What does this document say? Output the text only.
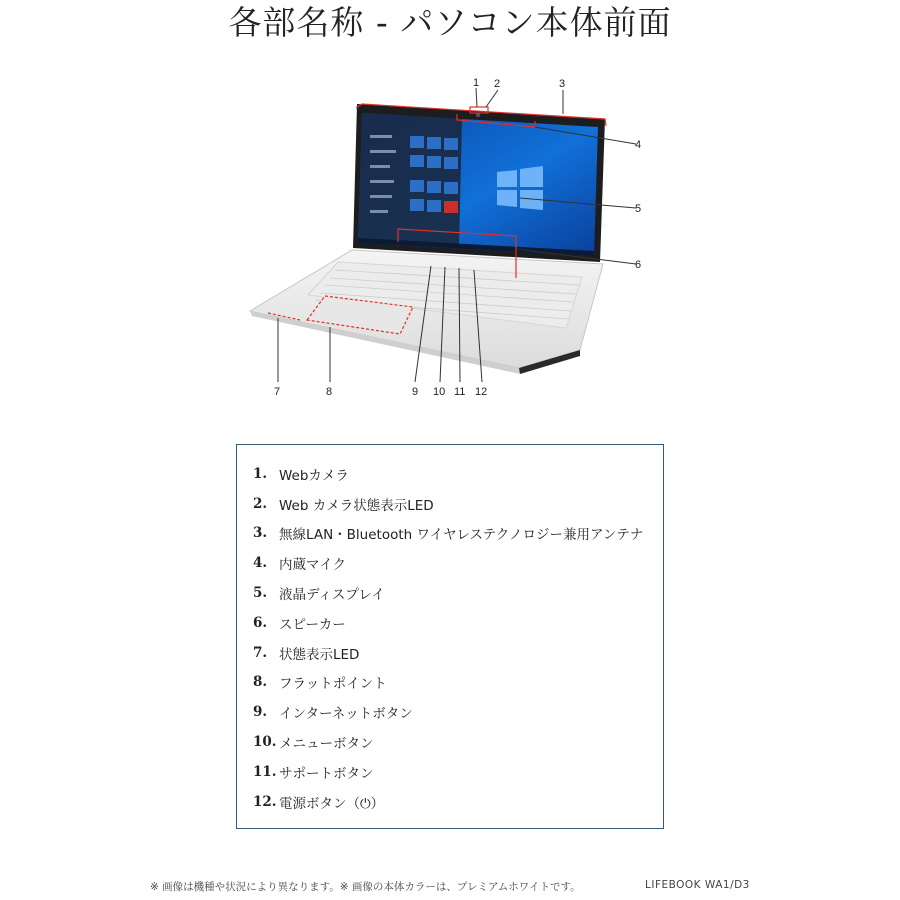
各部名称 - パソコン本体前面
1 2	3
4
5
6
7	8	9 10 11 12
1. Webカメラ
2. Web カメラ状態表示LED
3. 無線LAN・Bluetooth ワイヤレステクノロジー兼用アンテナ
4. 内蔵マイク
5. 液晶ディスプレイ
6. スピーカー
7. 状態表示LED
8. フラットポイント
9. インターネットボタン
10. メニューボタン
11. サポートボタン
12. 電源ボタン（⏻）
※ 画像は機種や状況により異なります。※ 画像の本体カラーは、プレミアムホワイトです。	LIFEBOOK WA1/D3
